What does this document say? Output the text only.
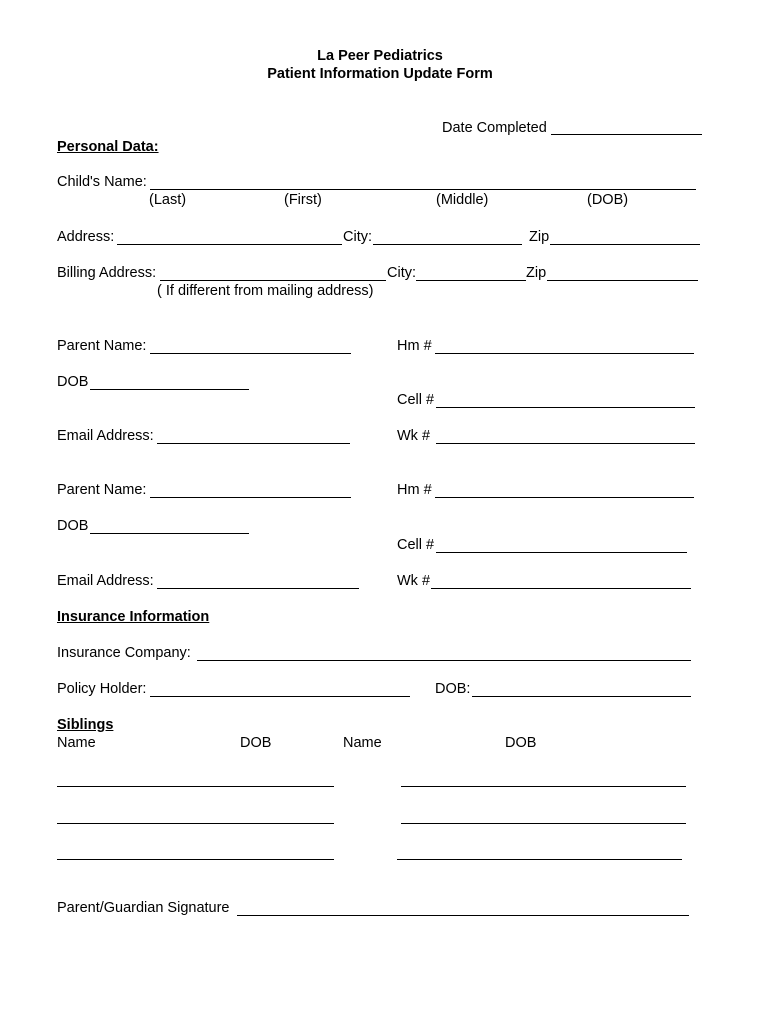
La Peer Pediatrics
Patient Information Update Form
Date Completed
Personal Data:
Child's Name:
(Last)	(First)	(Middle)	(DOB)
Address:	City:	Zip
Billing Address:	City:	Zip
( If different from mailing address)
Parent Name:	Hm #
DOB
Cell #
Email Address:	Wk #
Parent Name:	Hm #
DOB
Cell #
Email Address:	Wk #
Insurance Information
Insurance Company:
Policy Holder:	DOB:
Siblings
Name	DOB	Name	DOB
Parent/Guardian Signature
